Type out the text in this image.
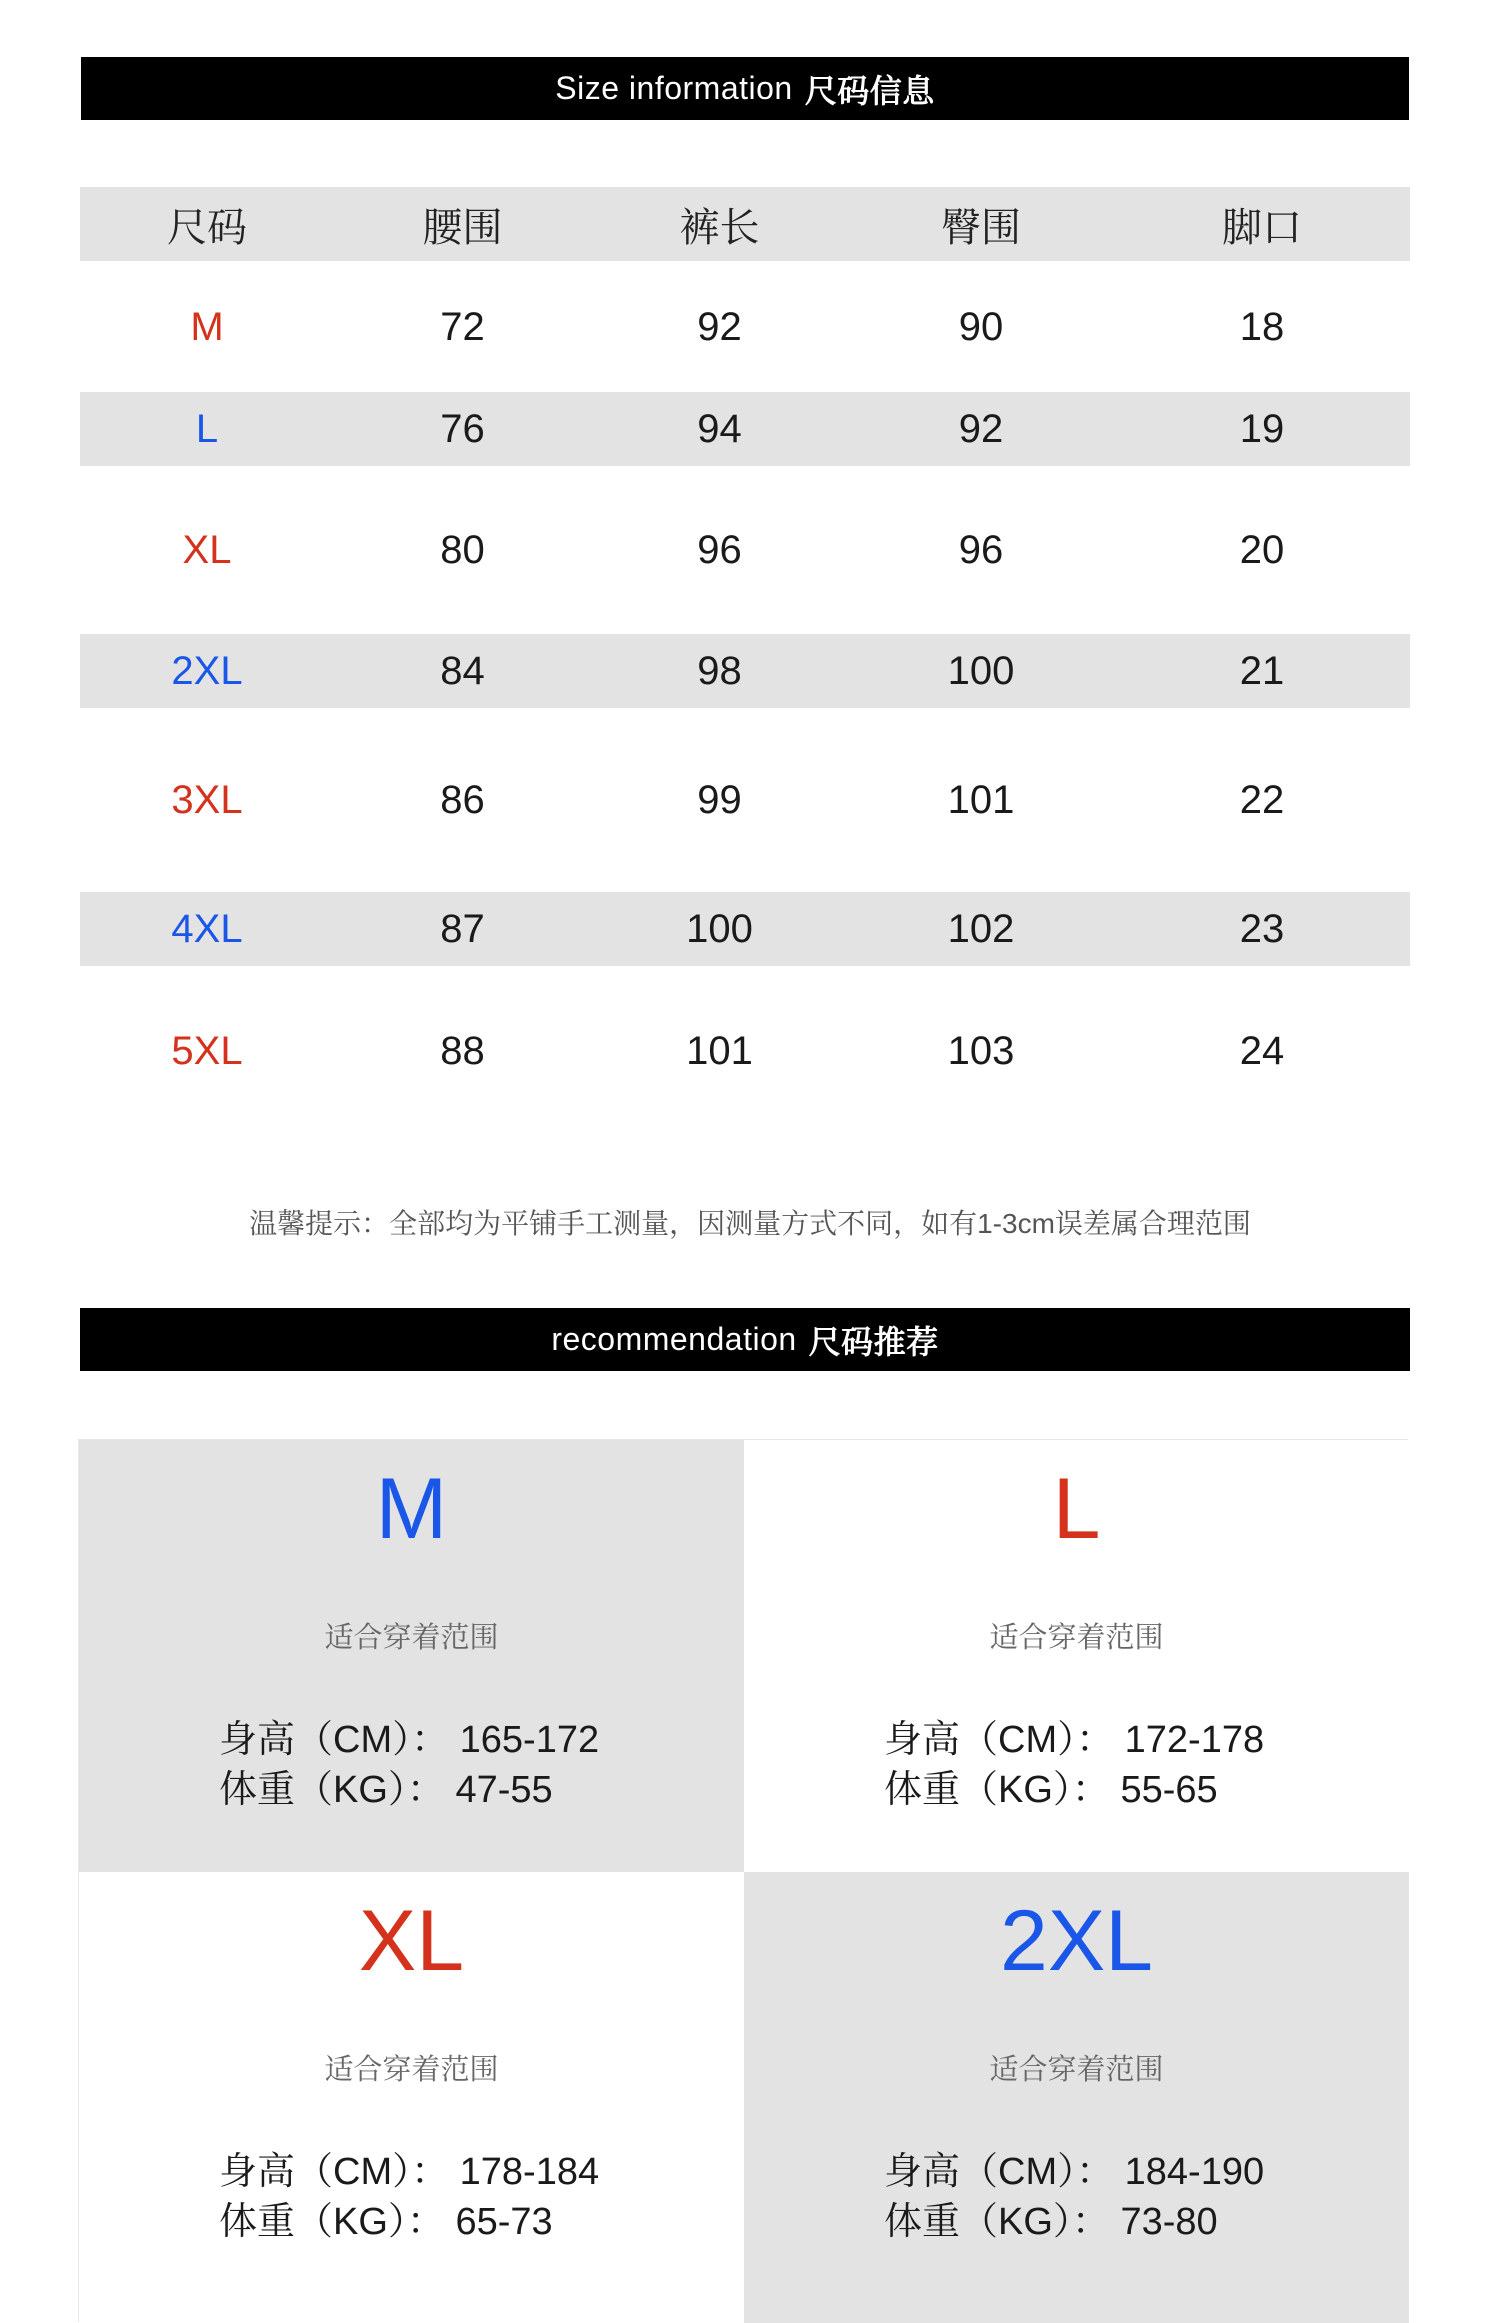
Size information 尺码信息
尺码	腰围	裤长	臀围	脚口
M	72	92	90	18
L	76	94	92	19
XL	80	96	96	20
2XL	84	98	100	21
3XL	86	99	101	22
4XL	87	100	102	23
5XL	88	101	103	24
温馨提示：全部均为平铺手工测量，因测量方式不同，如有1-3cm误差属合理范围
recommendation 尺码推荐
M
适合穿着范围
身高（CM）： 165-172
体重（KG）： 47-55
L
适合穿着范围
身高（CM）： 172-178
体重（KG）： 55-65
XL
适合穿着范围
身高（CM）： 178-184
体重（KG）： 65-73
2XL
适合穿着范围
身高（CM）： 184-190
体重（KG）： 73-80
